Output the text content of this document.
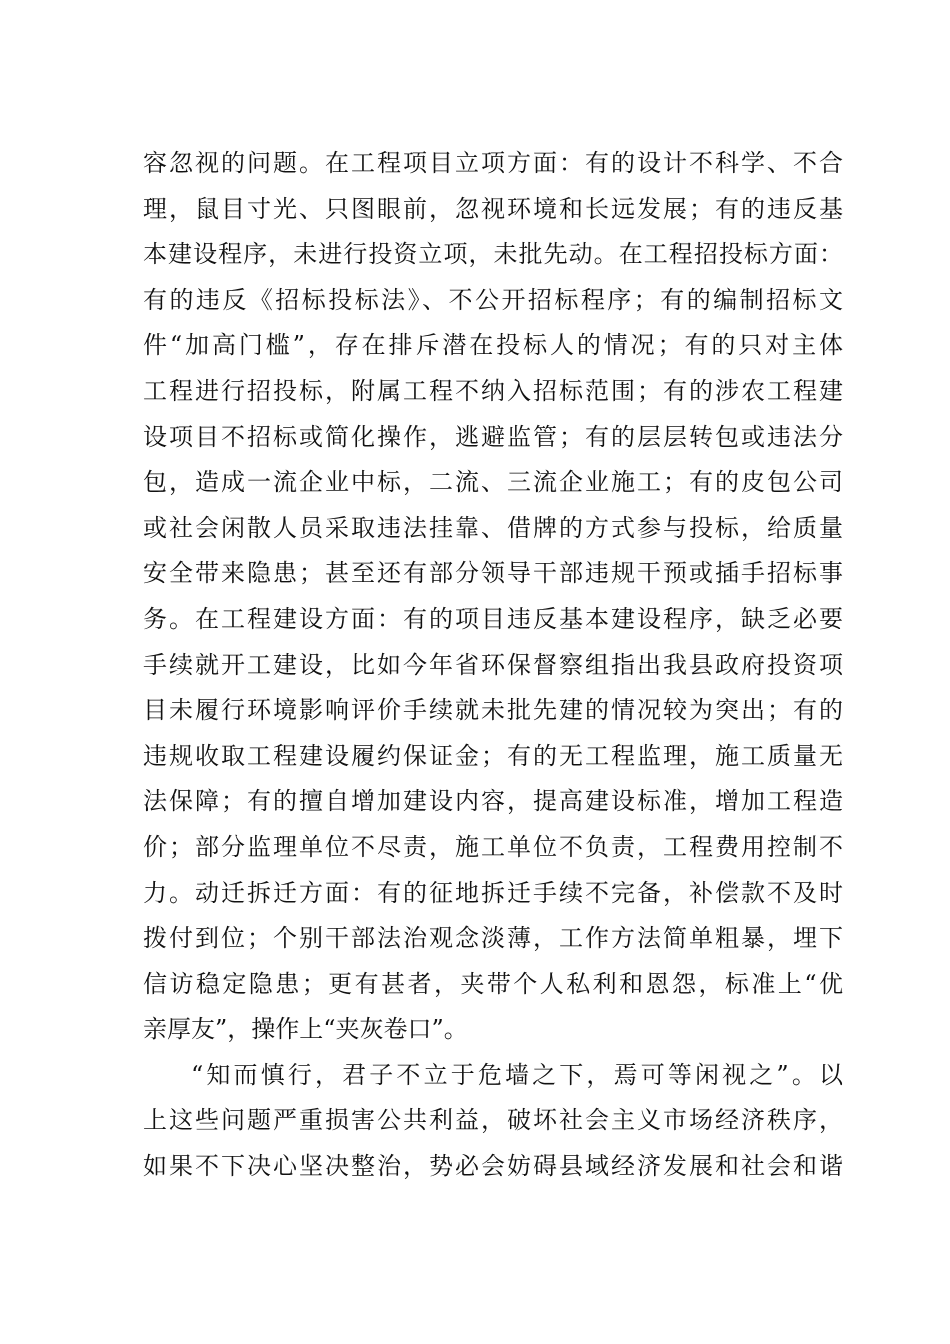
容忽视的问题。在工程项目立项方面：有的设计不科学、不合
理，鼠目寸光、只图眼前，忽视环境和长远发展；有的违反基
本建设程序，未进行投资立项，未批先动。在工程招投标方面：
有的违反《招标投标法》、不公开招标程序；有的编制招标文
件“加高门槛”，存在排斥潜在投标人的情况；有的只对主体
工程进行招投标，附属工程不纳入招标范围；有的涉农工程建
设项目不招标或简化操作，逃避监管；有的层层转包或违法分
包，造成一流企业中标，二流、三流企业施工；有的皮包公司
或社会闲散人员采取违法挂靠、借牌的方式参与投标，给质量
安全带来隐患；甚至还有部分领导干部违规干预或插手招标事
务。在工程建设方面：有的项目违反基本建设程序，缺乏必要
手续就开工建设，比如今年省环保督察组指出我县政府投资项
目未履行环境影响评价手续就未批先建的情况较为突出；有的
违规收取工程建设履约保证金；有的无工程监理，施工质量无
法保障；有的擅自增加建设内容，提高建设标准，增加工程造
价；部分监理单位不尽责，施工单位不负责，工程费用控制不
力。动迁拆迁方面：有的征地拆迁手续不完备，补偿款不及时
拨付到位；个别干部法治观念淡薄，工作方法简单粗暴，埋下
信访稳定隐患；更有甚者，夹带个人私利和恩怨，标准上“优
亲厚友”，操作上“夹灰卷口”。
“知而慎行，君子不立于危墙之下，焉可等闲视之”。以
上这些问题严重损害公共利益，破坏社会主义市场经济秩序，
如果不下决心坚决整治，势必会妨碍县域经济发展和社会和谐
